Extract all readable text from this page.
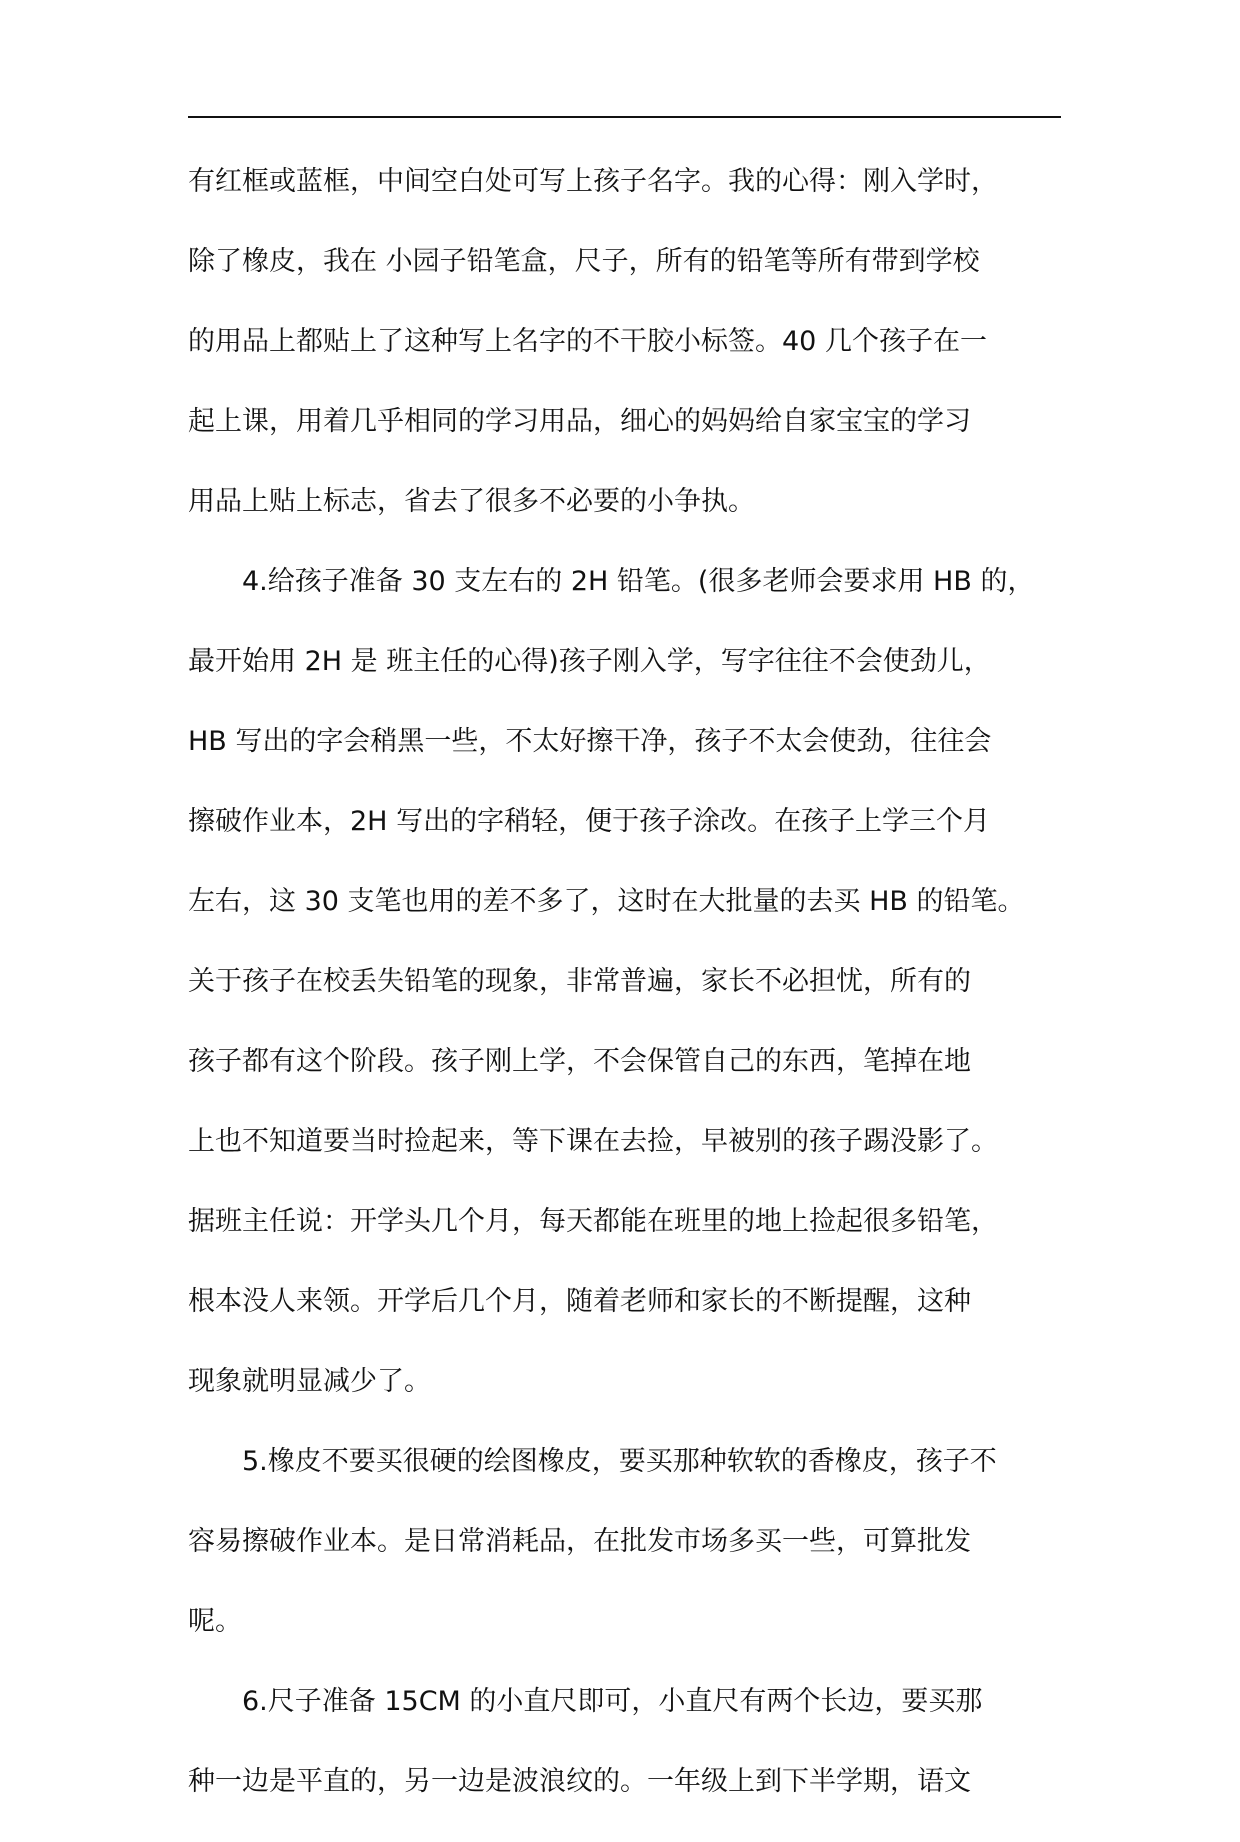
有红框或蓝框，中间空白处可写上孩子名字。我的心得：刚入学时，
除了橡皮，我在 小园子铅笔盒，尺子，所有的铅笔等所有带到学校
的用品上都贴上了这种写上名字的不干胶小标签。40 几个孩子在一
起上课，用着几乎相同的学习用品，细心的妈妈给自家宝宝的学习
用品上贴上标志，省去了很多不必要的小争执。
4.给孩子准备 30 支左右的 2H 铅笔。(很多老师会要求用 HB 的，
最开始用 2H 是 班主任的心得)孩子刚入学，写字往往不会使劲儿，
HB 写出的字会稍黑一些，不太好擦干净，孩子不太会使劲，往往会
擦破作业本，2H 写出的字稍轻，便于孩子涂改。在孩子上学三个月
左右，这 30 支笔也用的差不多了，这时在大批量的去买 HB 的铅笔。
关于孩子在校丢失铅笔的现象，非常普遍，家长不必担忧，所有的
孩子都有这个阶段。孩子刚上学，不会保管自己的东西，笔掉在地
上也不知道要当时捡起来，等下课在去捡，早被别的孩子踢没影了。
据班主任说：开学头几个月，每天都能在班里的地上捡起很多铅笔，
根本没人来领。开学后几个月，随着老师和家长的不断提醒，这种
现象就明显减少了。
5.橡皮不要买很硬的绘图橡皮，要买那种软软的香橡皮，孩子不
容易擦破作业本。是日常消耗品，在批发市场多买一些，可算批发
呢。
6.尺子准备 15CM 的小直尺即可，小直尺有两个长边，要买那
种一边是平直的，另一边是波浪纹的。一年级上到下半学期，语文
